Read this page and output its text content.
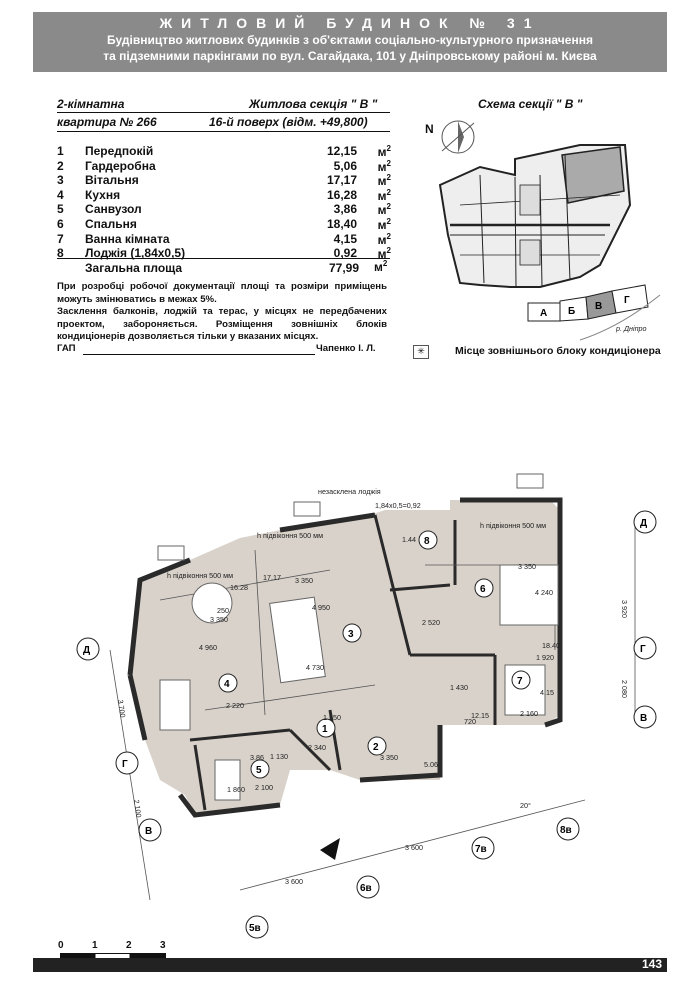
ЖИТЛОВИЙ БУДИНОК № 31
Будівництво житлових будинків з об'єктами соціально-культурного призначення
та підземними паркінгами по вул. Сагайдака, 101 у Дніпровському районі м. Києва
2-кімнатна	Житлова секція " В "
квартира № 266	16-й поверх (відм. +49,800)
1 Передпокій	12,15 $м^2$
2 Гардеробна	5,06 $м^2$
3 Вітальня	17,17 $м^2$
4 Кухня	16,28 $м^2$
5 Санвузол	3,86 $м^2$
6 Спальня	18,40 $м^2$
7 Ванна кімната	4,15 $м^2$
8 Лоджія (1,84x0,5)	0,92 $м^2$
Загальна площа	77,99 $м^2$
При розробці робочої документації площі та розміри приміщень можуть змінюватись в межах 5%.
Засклення балконів, лоджій та терас, у місцях не передбачених проектом, забороняється. Розміщення зовнішніх блоків кондиціонерів дозволяється тільки у вказаних місцях.
ГАП	Чапенко І. Л.
Схема секції " В "
N
А Б В
Г
р. Дніпро
✳	Місце зовнішнього блоку кондиціонера
незасклена лоджія
h підвіконня 500 мм
h підвіконня 500 мм
h підвіконня 500 мм
1,84x0,5=0,92
1.44
1
2
3
4
5
6
7
8
3 350
3 350
3 350
3 350
4 730
4 960
4 950
4 240
2 520
1 430
2 220
2 340
1 550
1 130
2 100
2 160
1 920
720
250
1 860
16.28
17.17
18.40
12.15
5.06
3.86
4.15
20°
3 700
2 100
3 920
2 080
3 600
3 600
Д
Г
В
Д
Г
В
5в
6в
7в
8в
0	1	2	3
143
